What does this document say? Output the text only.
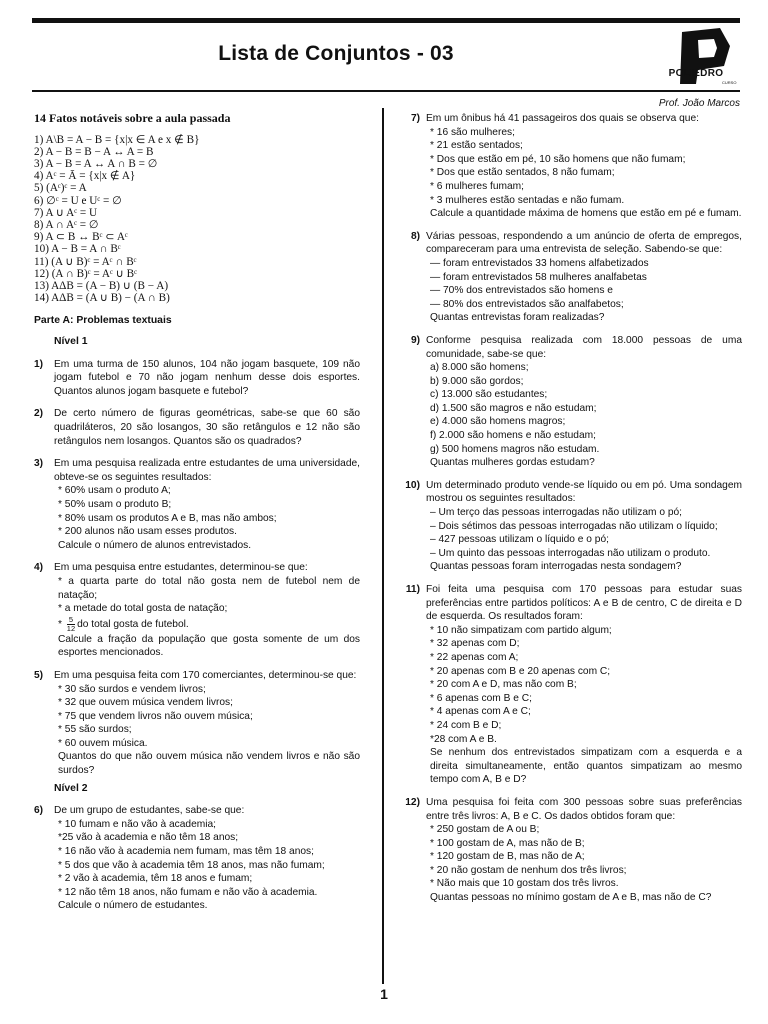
Lista de Conjuntos - 03
POLIEDRO
CURSO
Prof. João Marcos
14 Fatos notáveis sobre a aula passada
1) A\B = A − B = {x|x ∈ A e x ∉ B}
2) A − B = B − A ↔ A = B
3) A − B = A ↔ A ∩ B = ∅
4) Aᶜ = Ā = {x|x ∉ A}
5) (Aᶜ)ᶜ = A
6) ∅ᶜ = U e Uᶜ = ∅
7) A ∪ Aᶜ = U
8) A ∩ Aᶜ = ∅
9) A ⊂ B ↔ Bᶜ ⊂ Aᶜ
10) A − B = A ∩ Bᶜ
11) (A ∪ B)ᶜ = Aᶜ ∩ Bᶜ
12) (A ∩ B)ᶜ = Aᶜ ∪ Bᶜ
13) AΔB = (A − B) ∪ (B − A)
14) AΔB = (A ∪ B) − (A ∩ B)
Parte A: Problemas textuais
Nível 1
1) Em uma turma de 150 alunos, 104 não jogam basquete, 109 não jogam futebol e 70 não jogam nenhum desse dois esportes. Quantos alunos jogam basquete e futebol?
2) De certo número de figuras geométricas, sabe-se que 60 são quadriláteros, 20 são losangos, 30 são retângulos e 12 não são retângulos nem losangos. Quantos são os quadrados?
3) Em uma pesquisa realizada entre estudantes de uma universidade, obteve-se os seguintes resultados:
* 60% usam o produto A;
* 50% usam o produto B;
* 80% usam os produtos A e B, mas não ambos;
* 200 alunos não usam esses produtos.
Calcule o número de alunos entrevistados.
4) Em uma pesquisa entre estudantes, determinou-se que:
* a quarta parte do total não gosta nem de futebol nem de natação;
* a metade do total gosta de natação;
* $\frac{5}{12}$ do total gosta de futebol.
Calcule a fração da população que gosta somente de um dos esportes mencionados.
5) Em uma pesquisa feita com 170 comerciantes, determinou-se que:
* 30 são surdos e vendem livros;
* 32 que ouvem música vendem livros;
* 75 que vendem livros não ouvem música;
* 55 são surdos;
* 60 ouvem música.
Quantos do que não ouvem música não vendem livros e não são surdos?
Nível 2
6) De um grupo de estudantes, sabe-se que:
* 10 fumam e não vão à academia;
*25 vão à academia e não têm 18 anos;
* 16 não vão à academia nem fumam, mas têm 18 anos;
* 5 dos que vão à academia têm 18 anos, mas não fumam;
* 2 vão à academia, têm 18 anos e fumam;
* 12 não têm 18 anos, não fumam e não vão à academia.
Calcule o número de estudantes.
7) Em um ônibus há 41 passageiros dos quais se observa que:
* 16 são mulheres;
* 21 estão sentados;
* Dos que estão em pé, 10 são homens que não fumam;
* Dos que estão sentados, 8 não fumam;
* 6 mulheres fumam;
* 3 mulheres estão sentadas e não fumam.
Calcule a quantidade máxima de homens que estão em pé e fumam.
8) Várias pessoas, respondendo a um anúncio de oferta de empregos, compareceram para uma entrevista de seleção. Sabendo-se que:
— foram entrevistados 33 homens alfabetizados
— foram entrevistados 58 mulheres analfabetas
— 70% dos entrevistados são homens e
— 80% dos entrevistados são analfabetos;
Quantas entrevistas foram realizadas?
9) Conforme pesquisa realizada com 18.000 pessoas de uma comunidade, sabe-se que:
a) 8.000 são homens;
b) 9.000 são gordos;
c) 13.000 são estudantes;
d) 1.500 são magros e não estudam;
e) 4.000 são homens magros;
f) 2.000 são homens e não estudam;
g) 500 homens magros não estudam.
Quantas mulheres gordas estudam?
10) Um determinado produto vende-se líquido ou em pó. Uma sondagem mostrou os seguintes resultados:
– Um terço das pessoas interrogadas não utilizam o pó;
– Dois sétimos das pessoas interrogadas não utilizam o líquido;
– 427 pessoas utilizam o líquido e o pó;
– Um quinto das pessoas interrogadas não utilizam o produto.
Quantas pessoas foram interrogadas nesta sondagem?
11) Foi feita uma pesquisa com 170 pessoas para estudar suas preferências entre partidos políticos: A e B de centro, C de direita e D de esquerda. Os resultados foram:
* 10 não simpatizam com partido algum;
* 32 apenas com D;
* 22 apenas com A;
* 20 apenas com B e 20 apenas com C;
* 20 com A e D, mas não com B;
* 6 apenas com B e C;
* 4 apenas com A e C;
* 24 com B e D;
*28 com A e B.
Se nenhum dos entrevistados simpatizam com a esquerda e a direita simultaneamente, então quantos simpatizam ao mesmo tempo com A, B e D?
12) Uma pesquisa foi feita com 300 pessoas sobre suas preferências entre três livros: A, B e C. Os dados obtidos foram que:
* 250 gostam de A ou B;
* 100 gostam de A, mas não de B;
* 120 gostam de B, mas não de A;
* 20 não gostam de nenhum dos três livros;
* Não mais que 10 gostam dos três livros.
Quantas pessoas no mínimo gostam de A e B, mas não de C?
1
